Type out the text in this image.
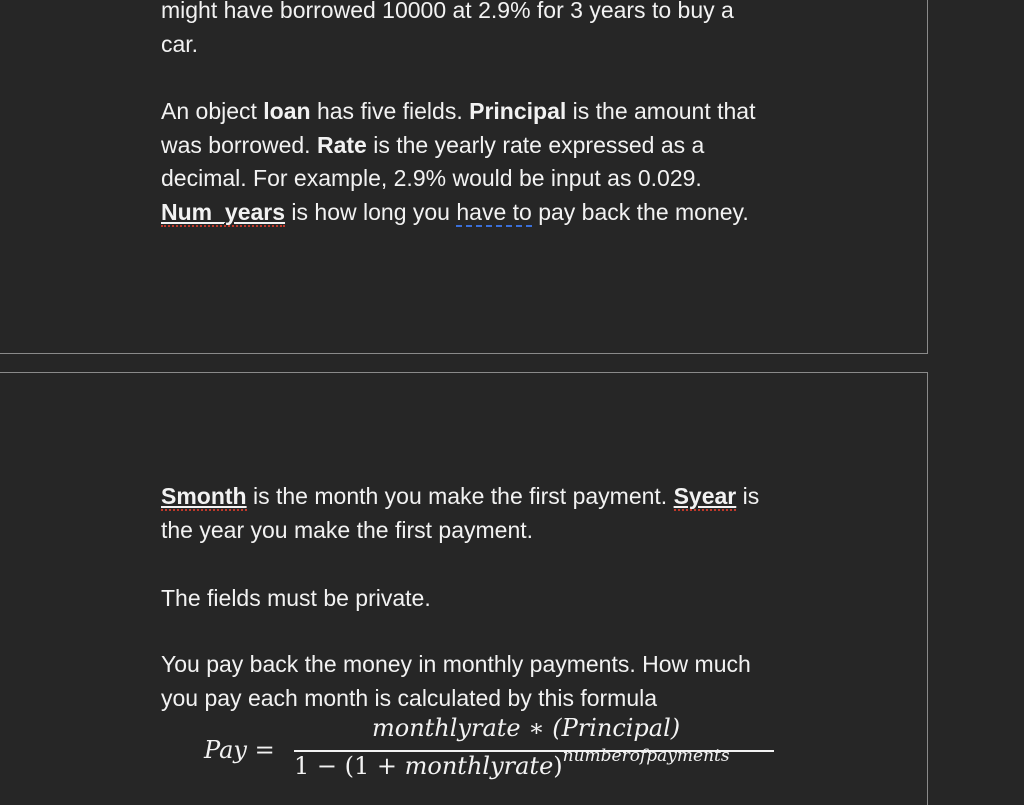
might have borrowed 10000 at 2.9% for 3 years to buy a
car.
An object loan has five fields. Principal is the amount that
was borrowed. Rate is the yearly rate expressed as a
decimal. For example, 2.9% would be input as 0.029.
Num_years is how long you have to pay back the money.
Smonth is the month you make the first payment. Syear is
the year you make the first payment.
The fields must be private.
You pay back the money in monthly payments. How much
you pay each month is calculated by this formula
Pay =
monthlyrate ∗ (Principal)
1 − (1 + monthlyrate)$^{numberofpayments}$
